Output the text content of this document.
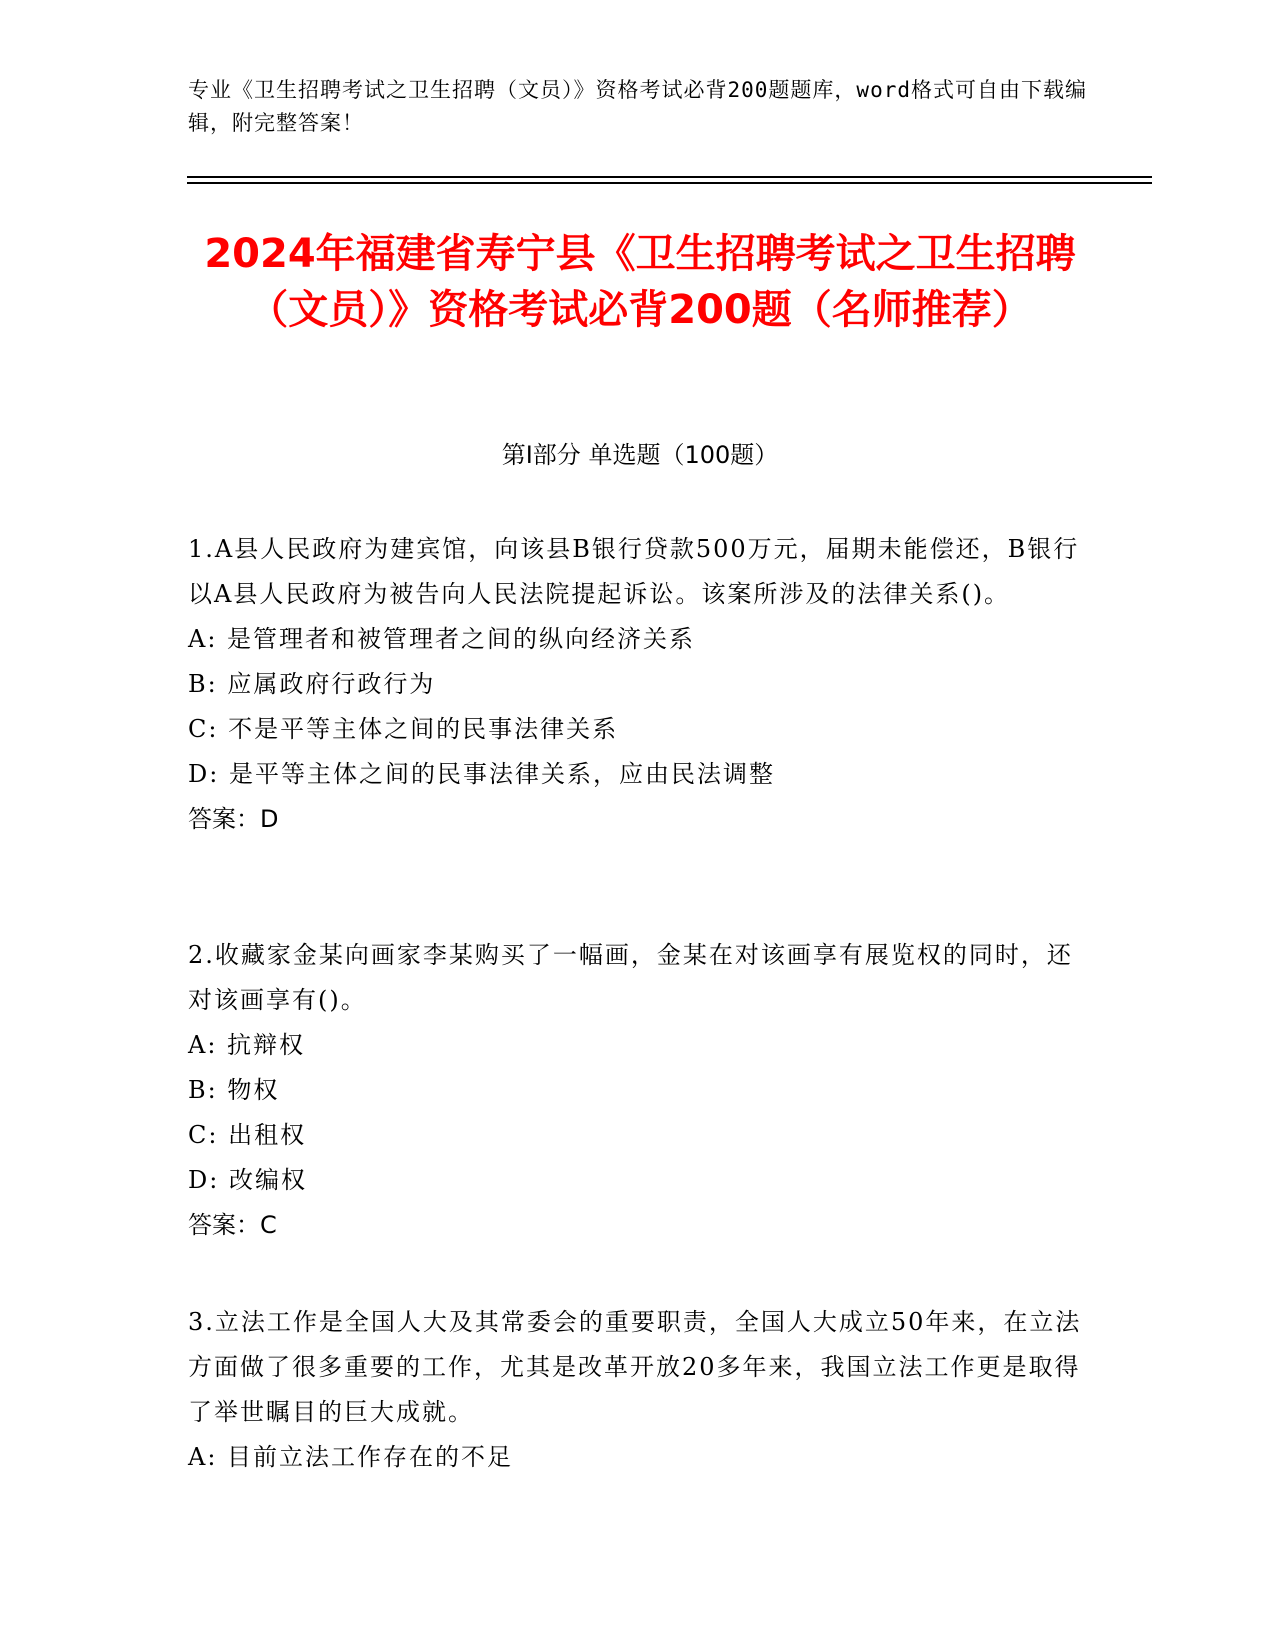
专业《卫生招聘考试之卫生招聘（文员）》资格考试必背200题题库，word格式可自由下载编辑，附完整答案！
2024年福建省寿宁县《卫生招聘考试之卫生招聘（文员）》资格考试必背200题（名师推荐）
第I部分 单选题（100题）

1.A县人民政府为建宾馆，向该县B银行贷款500万元，届期未能偿还，B银行以A县人民政府为被告向人民法院提起诉讼。该案所涉及的法律关系()。

A: 是管理者和被管理者之间的纵向经济关系

B: 应属政府行政行为

C: 不是平等主体之间的民事法律关系

D: 是平等主体之间的民事法律关系，应由民法调整

答案：D

2.收藏家金某向画家李某购买了一幅画，金某在对该画享有展览权的同时，还对该画享有()。

A: 抗辩权

B: 物权

C: 出租权

D: 改编权

答案：C

3.立法工作是全国人大及其常委会的重要职责，全国人大成立50年来，在立法方面做了很多重要的工作，尤其是改革开放20多年来，我国立法工作更是取得了举世瞩目的巨大成就。

A: 目前立法工作存在的不足
